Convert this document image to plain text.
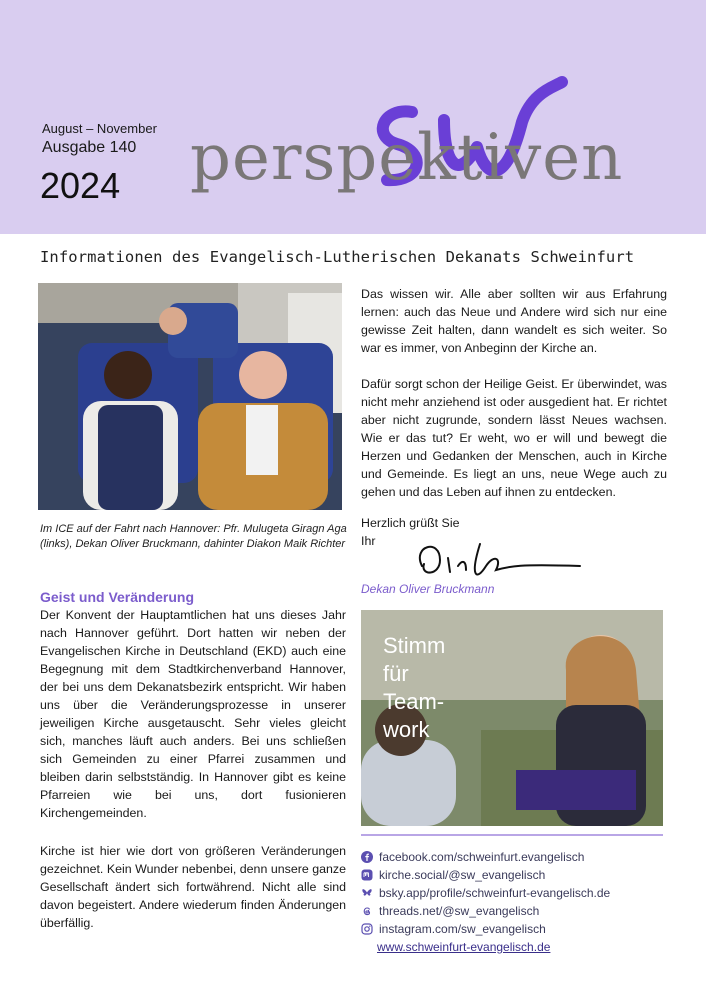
August – November
Ausgabe 140
2024 perspektiven
Informationen des Evangelisch-Lutherischen Dekanats Schweinfurt
Im ICE auf der Fahrt nach Hannover: Pfr. Mulugeta Giragn Aga (links), Dekan Oliver Bruckmann, dahinter Diakon Maik Richter
Geist und Veränderung

Der Konvent der Hauptamtlichen hat uns dieses Jahr nach Hannover geführt. Dort hatten wir neben der Evangelischen Kirche in Deutschland (EKD) auch eine Begegnung mit dem Stadtkirchenverband Hannover, der bei uns dem Dekanatsbezirk entspricht. Wir haben uns über die Veränderungsprozesse in unserer jeweiligen Kirche ausgetauscht. Sehr vieles gleicht sich, manches läuft auch anders. Bei uns schließen sich Gemeinden zu einer Pfarrei zusammen und bleiben darin selbstständig. In Hannover gibt es keine Pfarreien wie bei uns, dort fusionieren Kirchengemeinden.

Kirche ist hier wie dort von größeren Veränderungen gezeichnet. Kein Wunder nebenbei, denn unsere ganze Gesellschaft ändert sich fortwährend. Nicht alle sind davon begeistert. Andere wiederum finden Änderungen überfällig.

Das wissen wir. Alle aber sollten wir aus Erfahrung lernen: auch das Neue und Andere wird sich nur eine gewisse Zeit halten, dann wandelt es sich weiter. So war es immer, von Anbeginn der Kirche an.

Dafür sorgt schon der Heilige Geist. Er überwindet, was nicht mehr anziehend ist oder ausgedient hat. Er richtet aber nicht zugrunde, sondern lässt Neues wachsen. Wie er das tut? Er weht, wo er will und bewegt die Herzen und Gedanken der Menschen, auch in Kirche und Gemeinde. Es liegt an uns, neue Wege auch zu gehen und das Leben auf ihnen zu entdecken.

Herzlich grüßt Sie
Ihr
Dekan Oliver Bruckmann
Stimm
für
Team-
work
facebook.com/schweinfurt.evangelisch
kirche.social/@sw_evangelisch
bsky.app/profile/schweinfurt-evangelisch.de
threads.net/@sw_evangelisch
instagram.com/sw_evangelisch
www.schweinfurt-evangelisch.de
